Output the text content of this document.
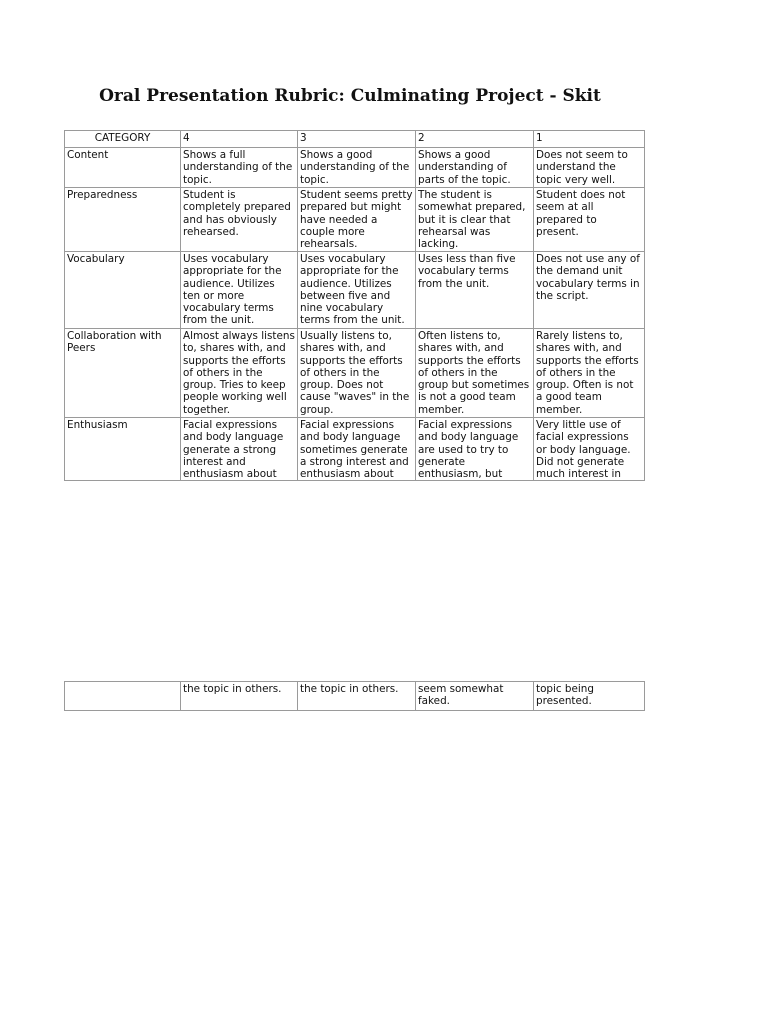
Oral Presentation Rubric: Culminating Project - Skit
CATEGORY	4	3	2	1
Content	Shows a full understanding of the topic.	Shows a good understanding of the topic.	Shows a good understanding of parts of the topic.	Does not seem to understand the topic very well.
Preparedness	Student is completely prepared and has obviously rehearsed.	Student seems pretty prepared but might have needed a couple more rehearsals.	The student is somewhat prepared, but it is clear that rehearsal was lacking.	Student does not seem at all prepared to present.
Vocabulary	Uses vocabulary appropriate for the audience. Utilizes ten or more vocabulary terms from the unit.	Uses vocabulary appropriate for the audience. Utilizes between five and nine vocabulary terms from the unit.	Uses less than five vocabulary terms from the unit.	Does not use any of the demand unit vocabulary terms in the script.
Collaboration with Peers	Almost always listens to, shares with, and supports the efforts of others in the group. Tries to keep people working well together.	Usually listens to, shares with, and supports the efforts of others in the group. Does not cause "waves" in the group.	Often listens to, shares with, and supports the efforts of others in the group but sometimes is not a good team member.	Rarely listens to, shares with, and supports the efforts of others in the group. Often is not a good team member.
Enthusiasm	Facial expressions and body language generate a strong interest and enthusiasm about	Facial expressions and body language sometimes generate a strong interest and enthusiasm about	Facial expressions and body language are used to try to generate enthusiasm, but	Very little use of facial expressions or body language. Did not generate much interest in
	the topic in others.	the topic in others.	seem somewhat faked.	topic being presented.
